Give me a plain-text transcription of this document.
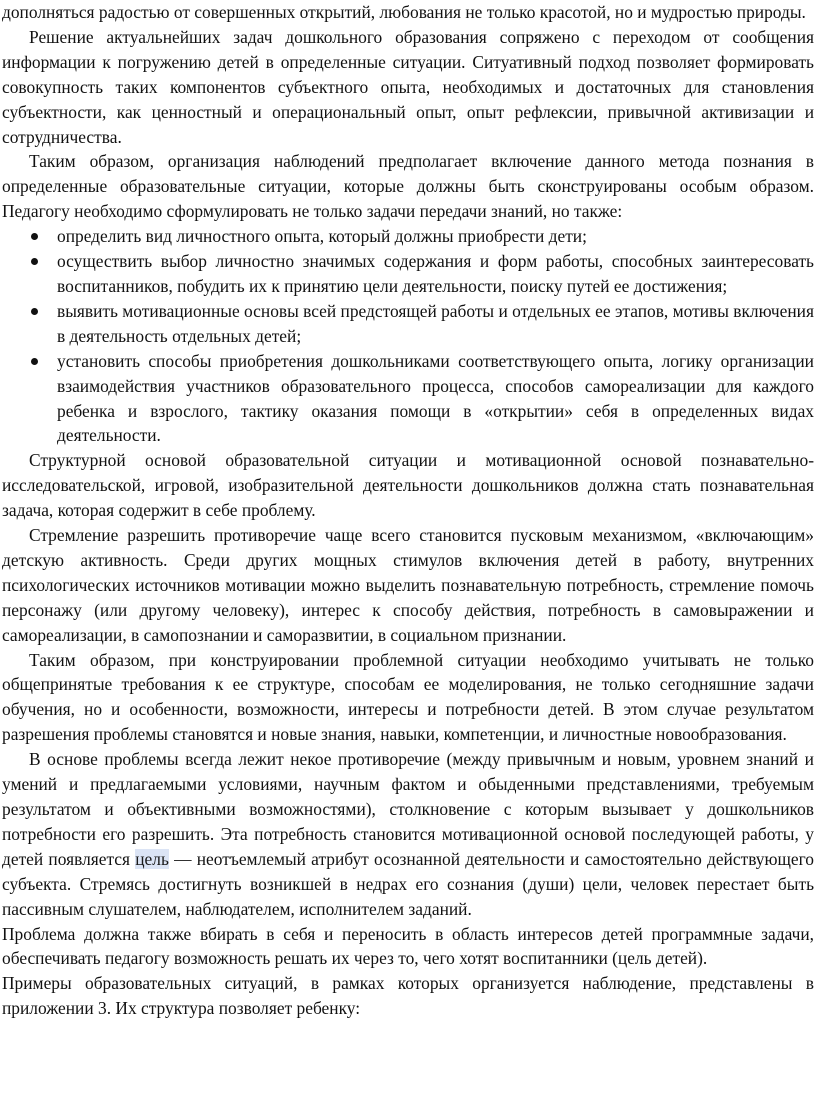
дополняться радостью от совершенных открытий, любования не только красотой, но и мудростью природы.

Решение актуальнейших задач дошкольного образования сопряжено с переходом от сообщения информации к погружению детей в определенные ситуации. Ситуативный подход позволяет формировать совокупность таких компонентов субъектного опыта, необходимых и достаточных для становления субъектности, как ценностный и операциональный опыт, опыт рефлексии, привычной активизации и сотрудничества.

Таким образом, организация наблюдений предполагает включение данного метода познания в определенные образовательные ситуации, которые должны быть сконструированы особым образом. Педагогу необходимо сформулировать не только задачи передачи знаний, но также:

определить вид личностного опыта, который должны приобрести дети;
осуществить выбор личностно значимых содержания и форм работы, способных заинтересовать воспитанников, побудить их к принятию цели деятельности, поиску путей ее достижения;
выявить мотивационные основы всей предстоящей работы и отдельных ее этапов, мотивы включения в деятельность отдельных детей;
установить способы приобретения дошкольниками соответствующего опыта, логику организации взаимодействия участников образовательного процесса, способов самореализации для каждого ребенка и взрослого, тактику оказания помощи в «открытии» себя в определенных видах деятельности.

Структурной основой образовательной ситуации и мотивационной основой познавательно-исследовательской, игровой, изобразительной деятельности дошкольников должна стать познавательная задача, которая содержит в себе проблему.

Стремление разрешить противоречие чаще всего становится пусковым механизмом, «включающим» детскую активность. Среди других мощных стимулов включения детей в работу, внутренних психологических источников мотивации можно выделить познавательную потребность, стремление помочь персонажу (или другому человеку), интерес к способу действия, потребность в самовыражении и самореализации, в самопознании и саморазвитии, в социальном признании.

Таким образом, при конструировании проблемной ситуации необходимо учитывать не только общепринятые требования к ее структуре, способам ее моделирования, не только сегодняшние задачи обучения, но и особенности, возможности, интересы и потребности детей. В этом случае результатом разрешения проблемы становятся и новые знания, навыки, компетенции, и личностные новообразования.

В основе проблемы всегда лежит некое противоречие (между привычным и новым, уровнем знаний и умений и предлагаемыми условиями, научным фактом и обыденными представлениями, требуемым результатом и объективными возможностями), столкновение с которым вызывает у дошкольников потребности его разрешить. Эта потребность становится мотивационной основой последующей работы, у детей появляется цель — неотъемлемый атрибут осознанной деятельности и самостоятельно действующего субъекта. Стремясь достигнуть возникшей в недрах его сознания (души) цели, человек перестает быть пассивным слушателем, наблюдателем, исполнителем заданий.

Проблема должна также вбирать в себя и переносить в область интересов детей программные задачи, обеспечивать педагогу возможность решать их через то, чего хотят воспитанники (цель детей).

Примеры образовательных ситуаций, в рамках которых организуется наблюдение, представлены в приложении 3. Их структура позволяет ребенку:
